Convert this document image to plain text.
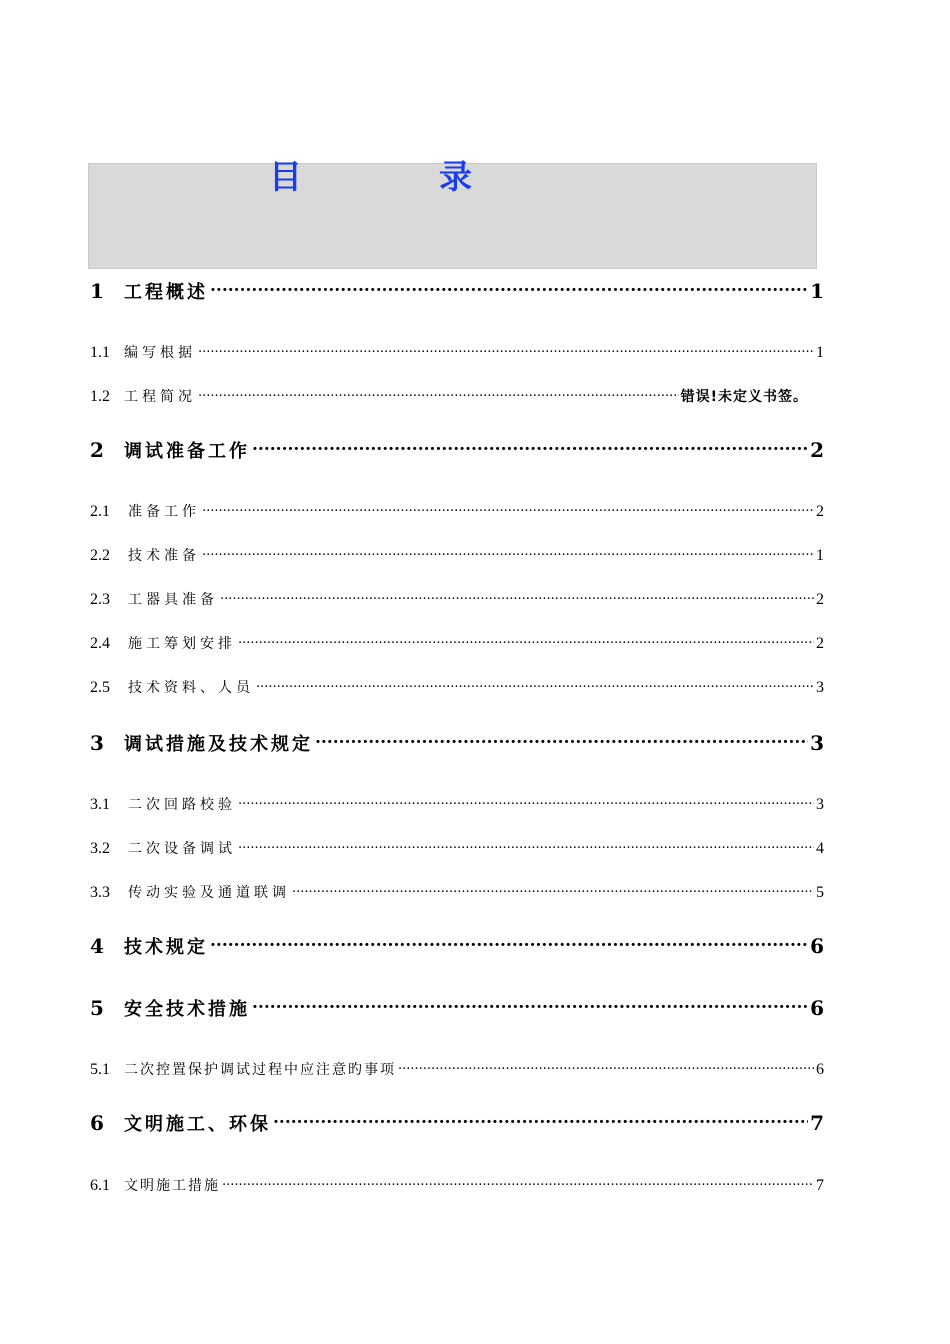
目　录
1	工程概述 .....	1
1.1	编写根据 .....	1
1.2	工程简况 .....	错误!未定义书签。
2	调试准备工作 .....	2
2.1	准备工作 .....	2
2.2	技术准备 .....	1
2.3	工器具准备 .....	2
2.4	施工筹划安排 .....	2
2.5	技术资料、人员 .....	3
3	调试措施及技术规定 .....	3
3.1	二次回路校验 .....	3
3.2	二次设备调试 .....	4
3.3	传动实验及通道联调 .....	5
4	技术规定 .....	6
5	安全技术措施 .....	6
5.1	二次控置保护调试过程中应注意旳事项 .....	6
6	文明施工、环保 .....	7
6.1	文明施工措施 .....	7
